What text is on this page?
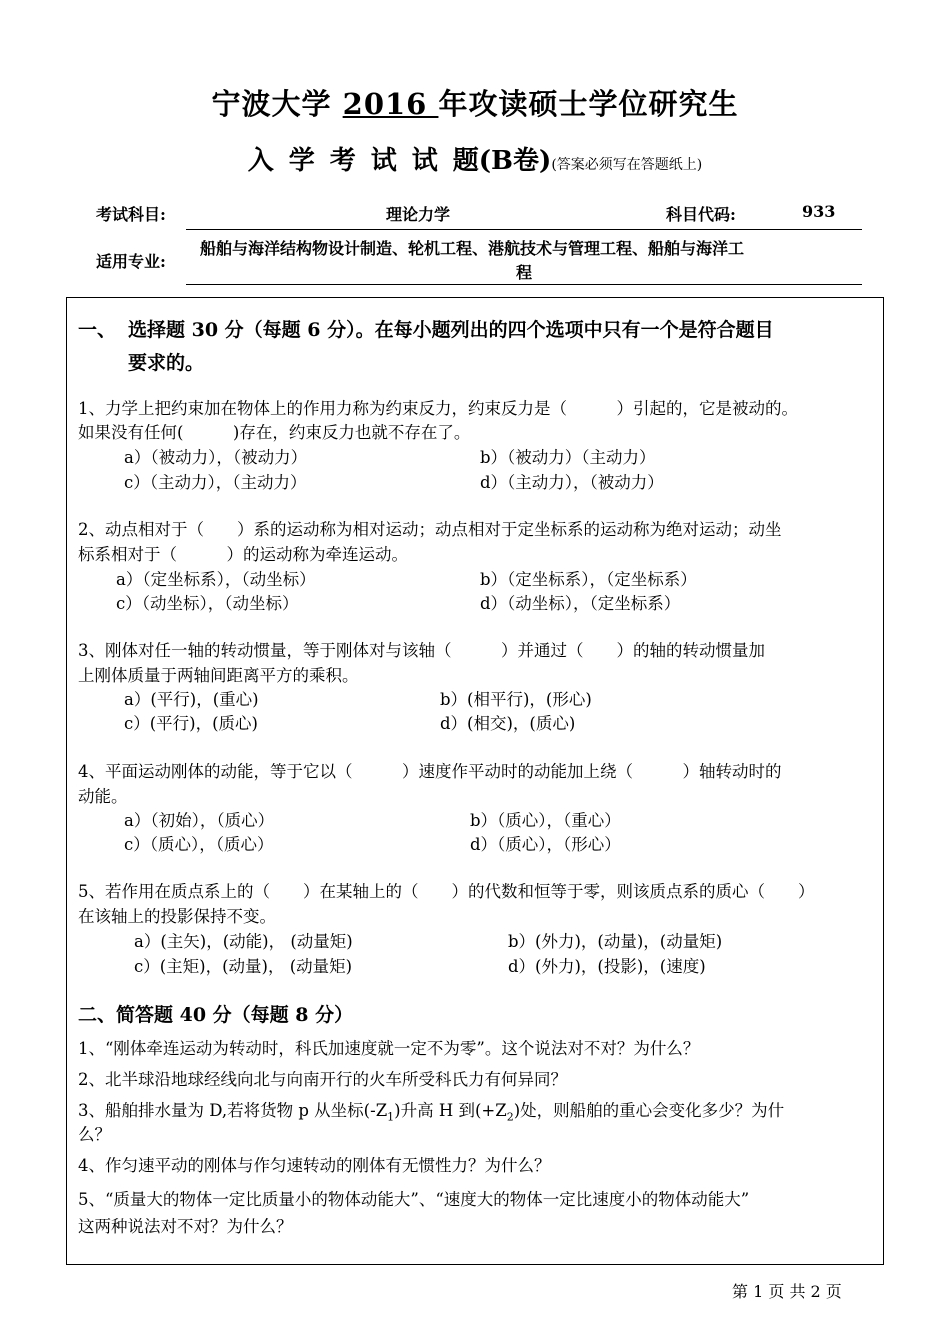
宁波大学 2016 年攻读硕士学位研究生
入学考试试题(B卷)(答案必须写在答题纸上)
考试科目:	理论力学	科目代码:	933
适用专业:
船舶与海洋结构物设计制造、轮机工程、港航技术与管理工程、船舶与海洋工
程
一、 选择题 30 分（每题 6 分）。在每小题列出的四个选项中只有一个是符合题目
要求的。
1、力学上把约束加在物体上的作用力称为约束反力，约束反力是（　　　）引起的，它是被动的。
如果没有任何(　　　)存在，约束反力也就不存在了。
a）（被动力），（被动力）	b）（被动力）（主动力）
c）（主动力），（主动力）	d）（主动力），（被动力）
2、动点相对于（　　）系的运动称为相对运动；动点相对于定坐标系的运动称为绝对运动；动坐
标系相对于（　　　）的运动称为牵连运动。
a）（定坐标系），（动坐标）	b）（定坐标系），（定坐标系）
c）（动坐标），（动坐标）	d）（动坐标），（定坐标系）
3、刚体对任一轴的转动惯量，等于刚体对与该轴（　　　）并通过（　　）的轴的转动惯量加
上刚体质量于两轴间距离平方的乘积。
a）(平行)，(重心)	b）(相平行)，(形心)
c）(平行)，(质心)	d）(相交)，(质心)
4、平面运动刚体的动能，等于它以（　　　）速度作平动时的动能加上绕（　　　）轴转动时的
动能。
a）（初始），（质心）	b）（质心），（重心）
c）（质心），（质心）	d）（质心），（形心）
5、若作用在质点系上的（　　）在某轴上的（　　）的代数和恒等于零，则该质点系的质心（　　）
在该轴上的投影保持不变。
a）(主矢)，(动能)， (动量矩)	b）(外力)，(动量)，(动量矩)
c）(主矩)，(动量)， (动量矩)	d）(外力)，(投影)，(速度)
二、简答题 40 分（每题 8 分）
1、“刚体牵连运动为转动时，科氏加速度就一定不为零”。这个说法对不对？为什么？
2、北半球沿地球经线向北与向南开行的火车所受科氏力有何异同？
3、船舶排水量为 D,若将货物 p 从坐标$(-Z_1)$升高 H 到$(+Z_2)$处，则船舶的重心会变化多少？为什
么？
4、作匀速平动的刚体与作匀速转动的刚体有无惯性力？为什么？
5、“质量大的物体一定比质量小的物体动能大”、“速度大的物体一定比速度小的物体动能大”
这两种说法对不对？为什么？
第 1 页 共 2 页
